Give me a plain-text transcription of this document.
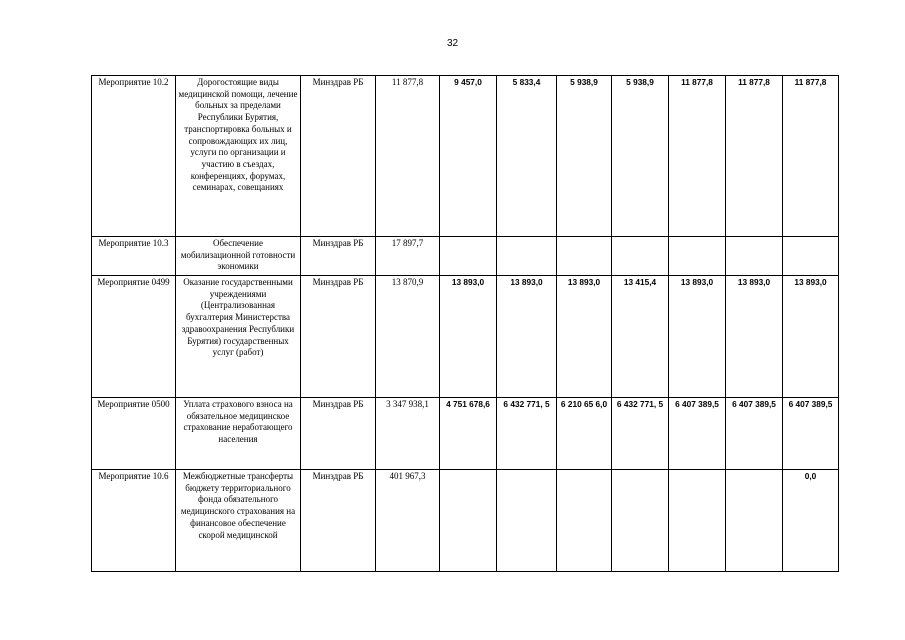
32
Мероприятие 10.2	Дорогостоящие виды медицинской помощи, лечение больных за пределами Республики Бурятия, транспортировка больных и сопровождающих их лиц, услуги по организации и участию в съездах, конференциях, форумах, семинарах, совещаниях	Минздрав РБ	11 877,8	9 457,0	5 833,4	5 938,9	5 938,9	11 877,8	11 877,8	11 877,8
Мероприятие 10.3	Обеспечение мобилизационной готовности экономики	Минздрав РБ	17 897,7							
Мероприятие 0499	Оказание государственными учреждениями (Централизованная бухгалтерия Министерства здравоохранения Республики Бурятия) государственных услуг (работ)	Минздрав РБ	13 870,9	13 893,0	13 893,0	13 893,0	13 415,4	13 893,0	13 893,0	13 893,0
Мероприятие 0500	Уплата страхового взноса на обязательное медицинское страхование неработающего населения	Минздрав РБ	3 347 938,1	4 751 678,6	6 432 771, 5	6 210 65 6,0	6 432 771, 5	6 407 389,5	6 407 389,5	6 407 389,5
Мероприятие 10.6	Межбюджетные трансферты бюджету территориального фонда обязательного медицинского страхования на финансовое обеспечение скорой медицинской	Минздрав РБ	401 967,3							0,0
